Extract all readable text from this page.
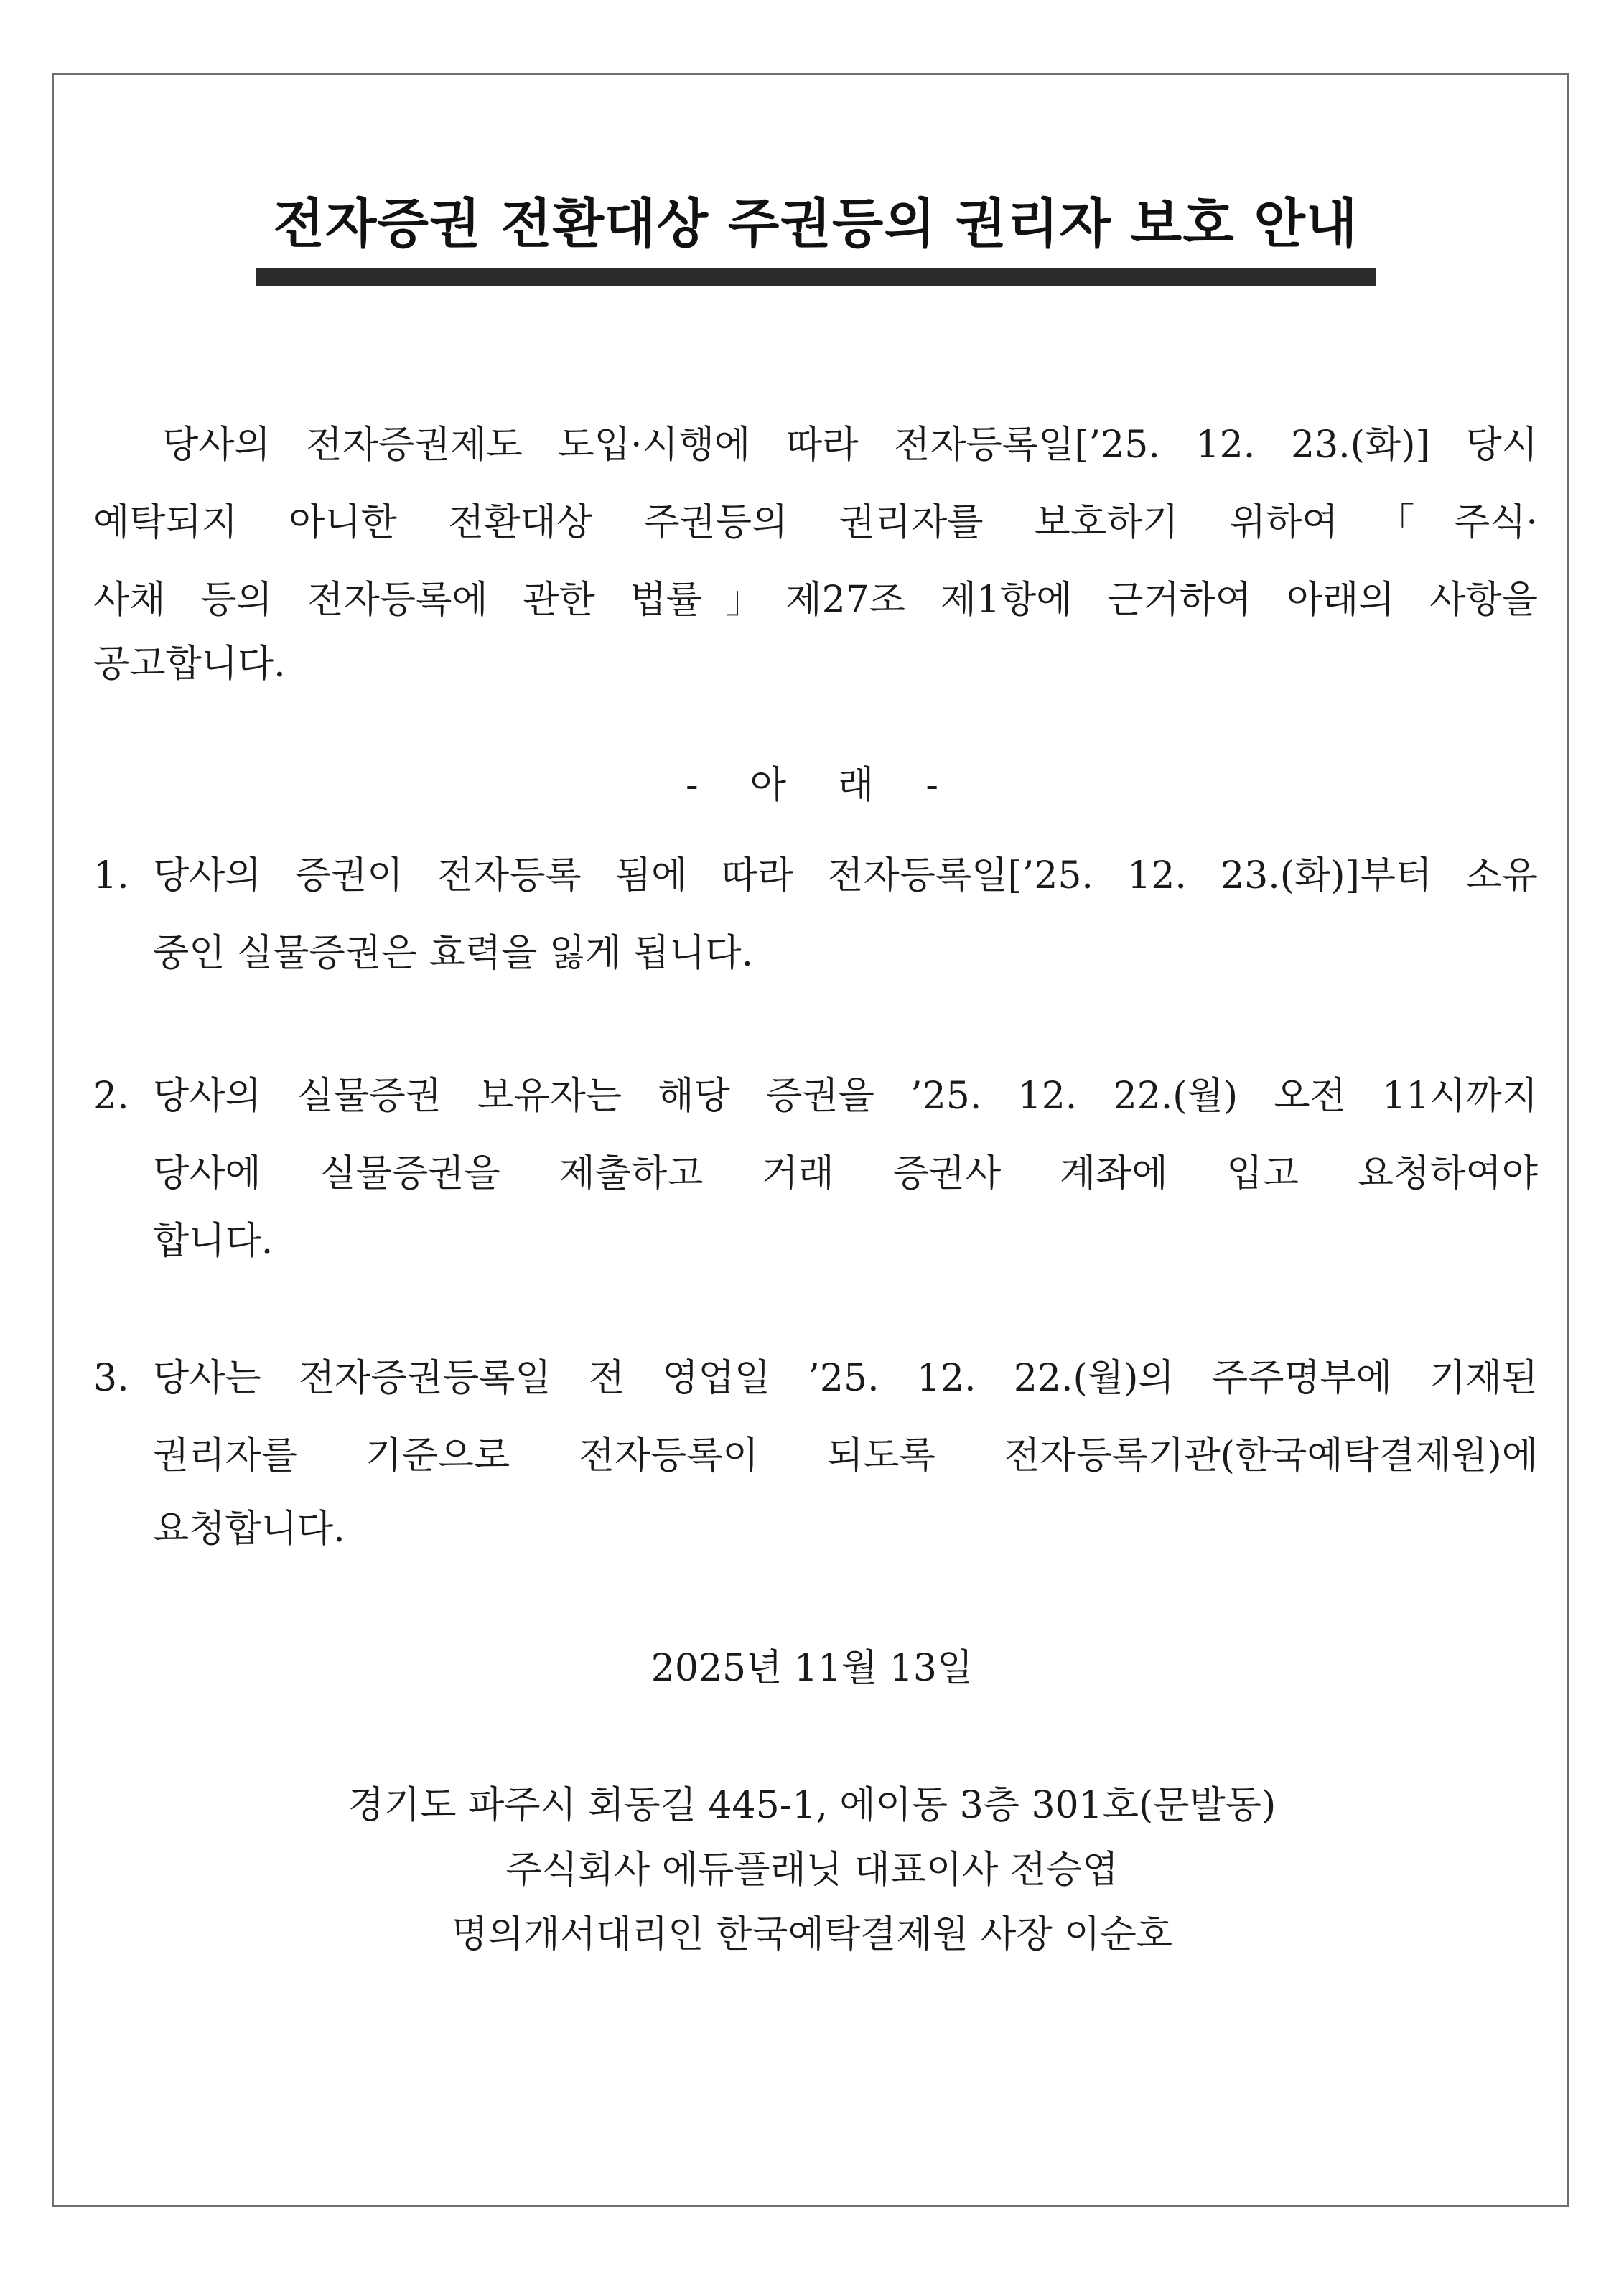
전자증권 전환대상 주권등의 권리자 보호 안내
당사의 전자증권제도 도입·시행에 따라 전자등록일[’25. 12. 23.(화)] 당시
예탁되지 아니한 전환대상 주권등의 권리자를 보호하기 위하여「주식·
사채 등의 전자등록에 관한 법률」제27조 제1항에 근거하여 아래의 사항을
공고합니다.
- 아 래 -
1. 당사의 증권이 전자등록 됨에 따라 전자등록일[’25. 12. 23.(화)]부터 소유
중인 실물증권은 효력을 잃게 됩니다.
2. 당사의 실물증권 보유자는 해당 증권을 ’25. 12. 22.(월) 오전 11시까지
당사에 실물증권을 제출하고 거래 증권사 계좌에 입고 요청하여야
합니다.
3. 당사는 전자증권등록일 전 영업일 ’25. 12. 22.(월)의 주주명부에 기재된
권리자를 기준으로 전자등록이 되도록 전자등록기관(한국예탁결제원)에
요청합니다.
2025년 11월 13일
경기도 파주시 회동길 445-1, 에이동 3층 301호(문발동)
주식회사 에듀플래닛 대표이사 전승엽
명의개서대리인 한국예탁결제원 사장 이순호
